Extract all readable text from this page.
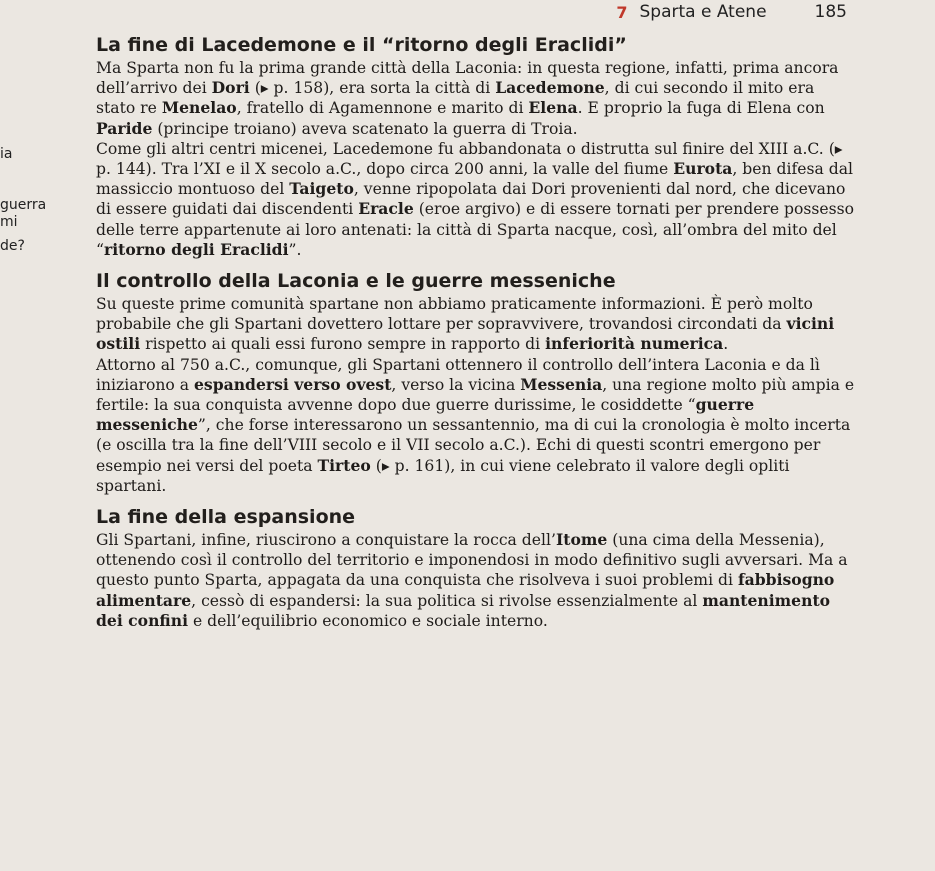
7 Sparta e Atene	185
ia
guerra
mi
de?
La fine di Lacedemone e il “ritorno degli Eraclidi”

Ma Sparta non fu la prima grande città della Laconia: in questa regione, infatti, prima ancora dell’arrivo dei Dori (▸ p. 158), era sorta la città di Lacedemone, di cui secondo il mito era stato re Menelao, fratello di Agamennone e marito di Elena. E proprio la fuga di Elena con Paride (principe troiano) aveva scatenato la guerra di Troia.

Come gli altri centri micenei, Lacedemone fu abbandonata o distrutta sul finire del XIII a.C. (▸ p. 144). Tra l’XI e il X secolo a.C., dopo circa 200 anni, la valle del fiume Eurota, ben difesa dal massiccio montuoso del Taigeto, venne ripopolata dai Dori provenienti dal nord, che dicevano di essere guidati dai discendenti Eracle (eroe argivo) e di essere tornati per prendere possesso delle terre appartenute ai loro antenati: la città di Sparta nacque, così, all’ombra del mito del “ritorno degli Eraclidi”.

Il controllo della Laconia e le guerre messeniche

Su queste prime comunità spartane non abbiamo praticamente informazioni. È però molto probabile che gli Spartani dovettero lottare per sopravvivere, trovandosi circondati da vicini ostili rispetto ai quali essi furono sempre in rapporto di inferiorità numerica.

Attorno al 750 a.C., comunque, gli Spartani ottennero il controllo dell’intera Laconia e da lì iniziarono a espandersi verso ovest, verso la vicina Messenia, una regione molto più ampia e fertile: la sua conquista avvenne dopo due guerre durissime, le cosiddette “guerre messeniche”, che forse interessarono un sessantennio, ma di cui la cronologia è molto incerta (e oscilla tra la fine dell’VIII secolo e il VII secolo a.C.). Echi di questi scontri emergono per esempio nei versi del poeta Tirteo (▸ p. 161), in cui viene celebrato il valore degli opliti spartani.

La fine della espansione

Gli Spartani, infine, riuscirono a conquistare la rocca dell’Itome (una cima della Messenia), ottenendo così il controllo del territorio e imponendosi in modo definitivo sugli avversari. Ma a questo punto Sparta, appagata da una conquista che risolveva i suoi problemi di fabbisogno alimentare, cessò di espandersi: la sua politica si rivolse essenzialmente al mantenimento dei confini e dell’equilibrio economico e sociale interno.
